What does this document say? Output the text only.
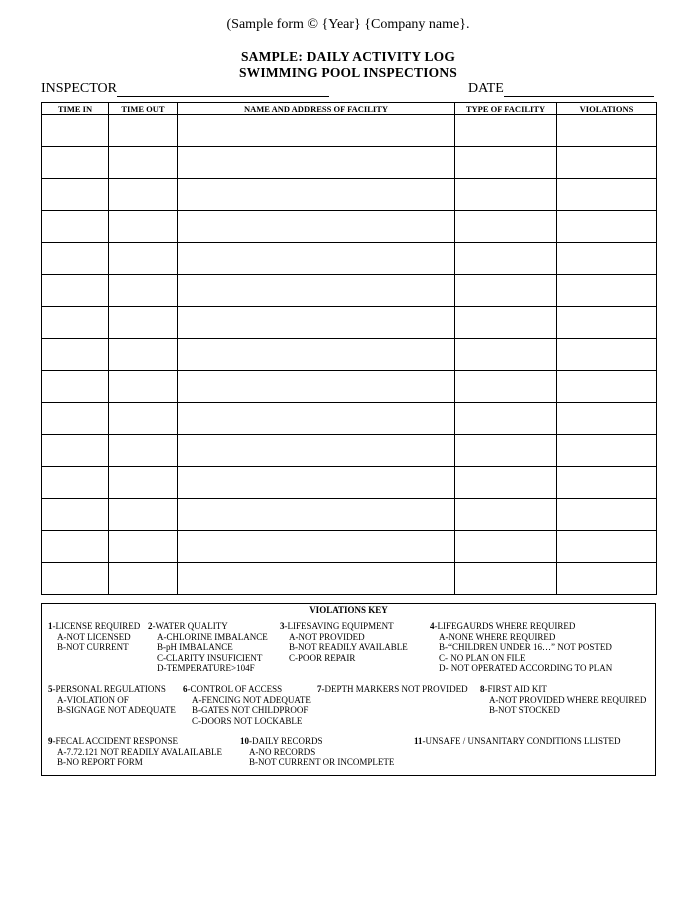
(Sample form © {Year} {Company name}.
SAMPLE: DAILY ACTIVITY LOG
SWIMMING POOL INSPECTIONS
INSPECTOR	DATE
TIME IN	TIME OUT	NAME AND ADDRESS OF FACILITY	TYPE OF FACILITY	VIOLATIONS

VIOLATIONS KEY
1-LICENSE REQUIRED
A-NOT LICENSED
B-NOT CURRENT
2-WATER QUALITY
A-CHLORINE IMBALANCE
B-pH IMBALANCE
C-CLARITY INSUFICIENT
D-TEMPERATURE>104F
3-LIFESAVING EQUIPMENT
A-NOT PROVIDED
B-NOT READILY AVAILABLE
C-POOR REPAIR
4-LIFEGAURDS WHERE REQUIRED
A-NONE WHERE REQUIRED
B-“CHILDREN UNDER 16…” NOT POSTED
C- NO PLAN ON FILE
D- NOT OPERATED ACCORDING TO PLAN
5-PERSONAL REGULATIONS
A-VIOLATION OF
B-SIGNAGE NOT ADEQUATE
6-CONTROL OF ACCESS
A-FENCING NOT ADEQUATE
B-GATES NOT CHILDPROOF
C-DOORS NOT LOCKABLE
7-DEPTH MARKERS NOT PROVIDED 8-FIRST AID KIT
A-NOT PROVIDED WHERE REQUIRED
B-NOT STOCKED
9-FECAL ACCIDENT RESPONSE
A-7.72.121 NOT READILY AVALAILABLE
B-NO REPORT FORM
10-DAILY RECORDS
A-NO RECORDS
B-NOT CURRENT OR INCOMPLETE
11-UNSAFE / UNSANITARY CONDITIONS LLISTED
